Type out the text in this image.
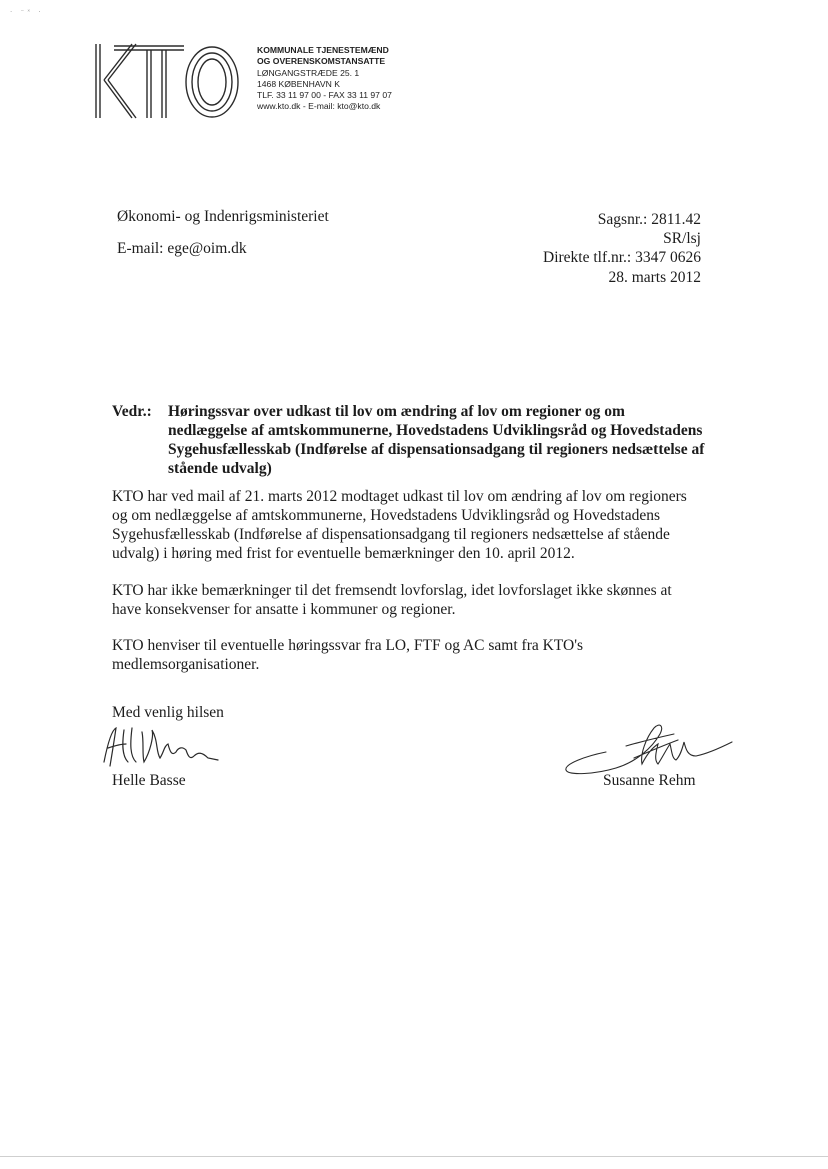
· ⁻ˣ ·
KOMMUNALE TJENESTEMÆND
OG OVERENSKOMSTANSATTE
LØNGANGSTRÆDE 25. 1
1468 KØBENHAVN K
TLF. 33 11 97 00 - FAX 33 11 97 07
www.kto.dk - E-mail: kto@kto.dk
Økonomi- og Indenrigsministeriet
E-mail: ege@oim.dk
Sagsnr.: 2811.42
SR/lsj
Direkte tlf.nr.: 3347 0626
28. marts 2012
Vedr.: Høringssvar over udkast til lov om ændring af lov om regioner og om nedlæggelse af amtskommunerne, Hovedstadens Udviklingsråd og Hovedstadens Sygehusfællesskab (Indførelse af dispensationsadgang til regioners nedsættelse af stående udvalg)
KTO har ved mail af 21. marts 2012 modtaget udkast til lov om ændring af lov om regioners og om nedlæggelse af amtskommunerne, Hovedstadens Udviklingsråd og Hovedstadens Sygehusfællesskab (Indførelse af dispensationsadgang til regioners nedsættelse af stående udvalg) i høring med frist for eventuelle bemærkninger den 10. april 2012.
KTO har ikke bemærkninger til det fremsendt lovforslag, idet lovforslaget ikke skønnes at have konsekvenser for ansatte i kommuner og regioner.
KTO henviser til eventuelle høringssvar fra LO, FTF og AC samt fra KTO's medlemsorganisationer.
Med venlig hilsen
Helle Basse	Susanne Rehm
